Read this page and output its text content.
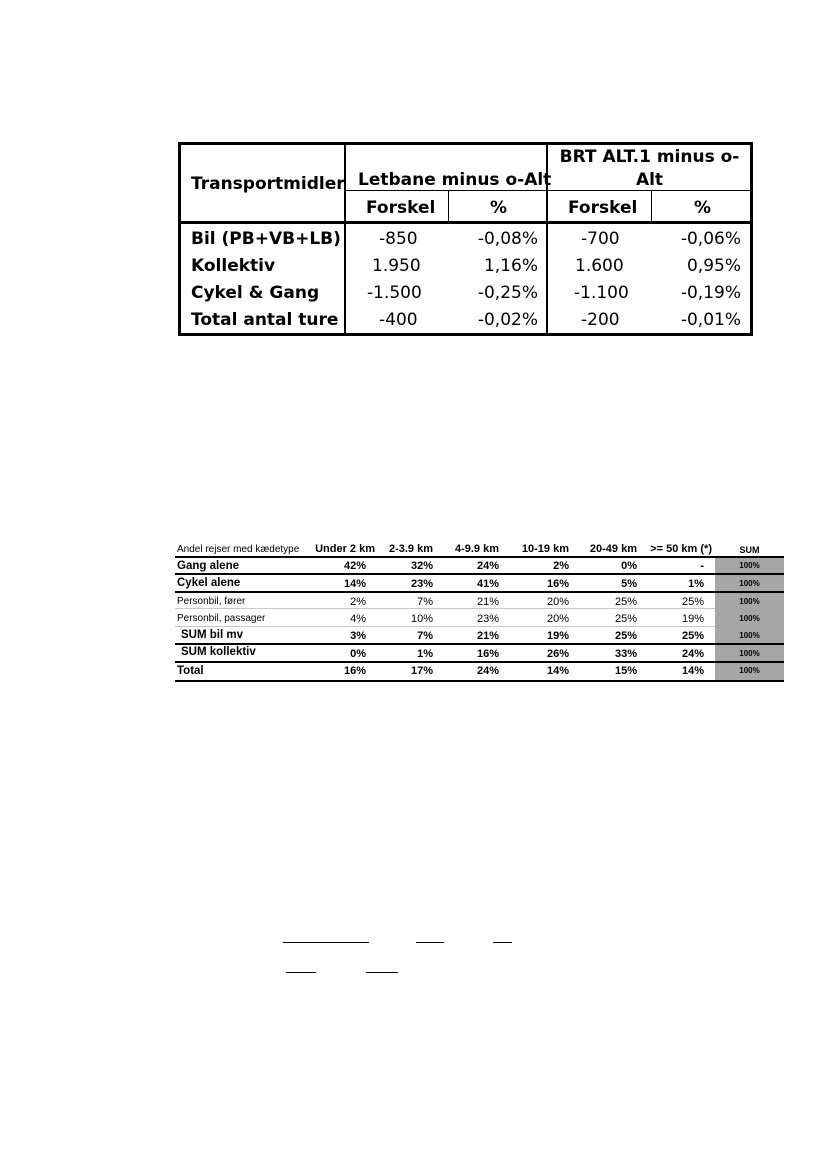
Transportmidler Letbane minus o-Alt
BRT ALT.1 minus o-
Alt
Forskel	%	Forskel	%
Bil (PB+VB+LB) -850	-0,08%	-700	-0,06%
Kollektiv	1.950	1,16% 1.600	0,95%
Cykel & Gang	-1.500	-0,25% -1.100	-0,19%
Total antal ture -400	-0,02%	-200	-0,01%
Andel rejser med kædetype	Under 2 km	2-3.9 km	4-9.9 km	10-19 km	20-49 km	>= 50 km (*)	SUM
Gang alene	42%	32%	24%	2%	0%	-	100%
Cykel alene	14%	23%	41%	16%	5%	1%	100%
Personbil, fører	2%	7%	21%	20%	25%	25%	100%
Personbil, passager	4%	10%	23%	20%	25%	19%	100%
SUM bil mv	3%	7%	21%	19%	25%	25%	100%
SUM kollektiv	0%	1%	16%	26%	33%	24%	100%
Total	16%	17%	24%	14%	15%	14%	100%
